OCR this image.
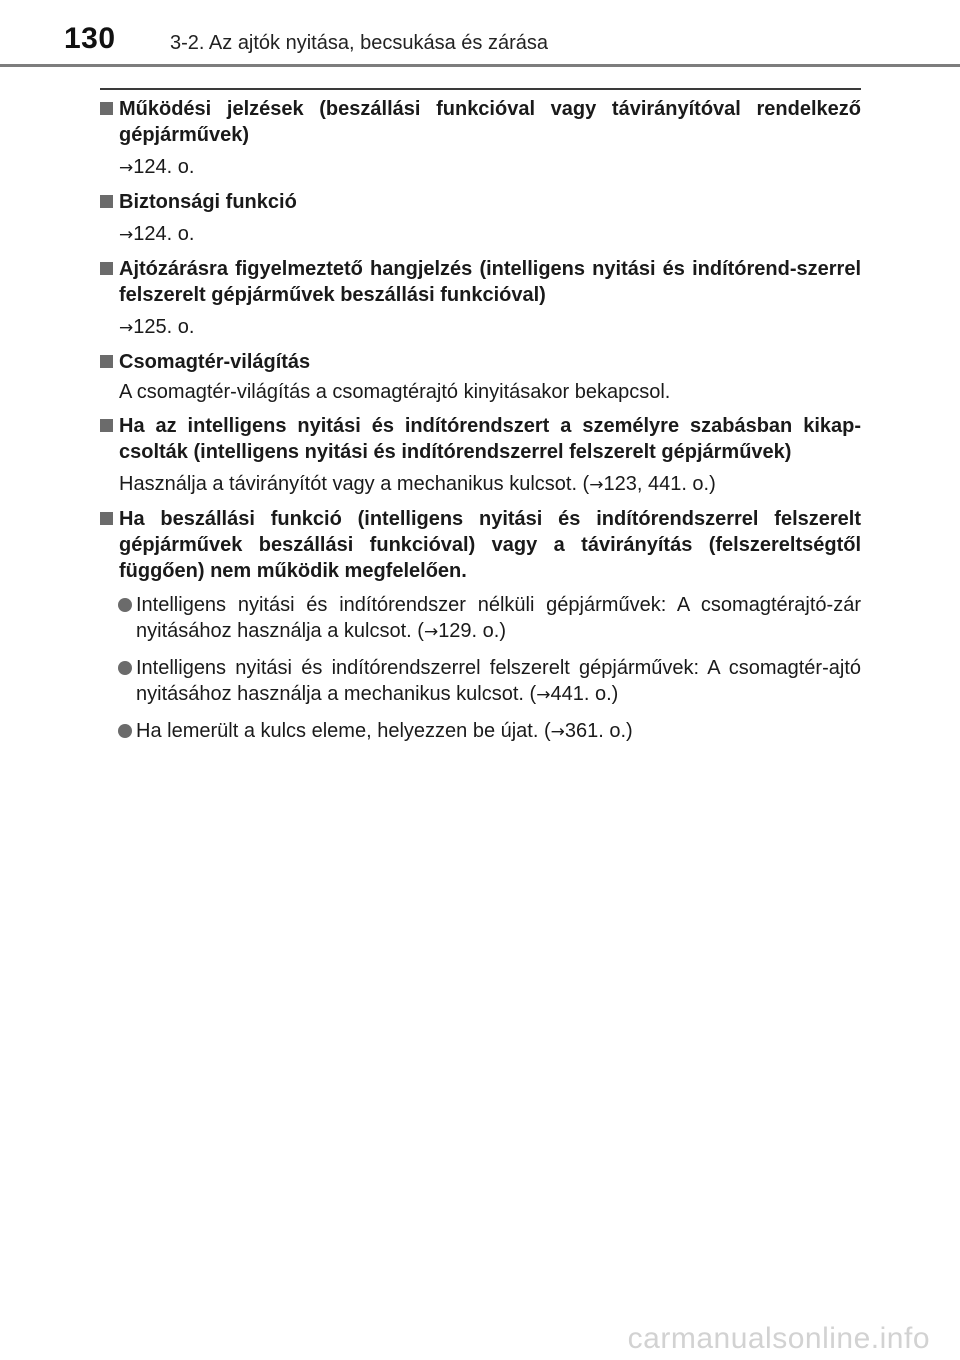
130	3-2. Az ajtók nyitása, becsukása és zárása
Működési jelzések (beszállási funkcióval vagy távirányítóval rendelkező gépjárművek)
→124. o.
Biztonsági funkció
→124. o.
Ajtózárásra figyelmeztető hangjelzés (intelligens nyitási és indítórend-szerrel felszerelt gépjárművek beszállási funkcióval)
→125. o.
Csomagtér-világítás
A csomagtér-világítás a csomagtérajtó kinyitásakor bekapcsol.
Ha az intelligens nyitási és indítórendszert a személyre szabásban kikap-csolták (intelligens nyitási és indítórendszerrel felszerelt gépjárművek)
Használja a távirányítót vagy a mechanikus kulcsot. (→123, 441. o.)
Ha beszállási funkció (intelligens nyitási és indítórendszerrel felszerelt gépjárművek beszállási funkcióval) vagy a távirányítás (felszereltségtől függően) nem működik megfelelően.
Intelligens nyitási és indítórendszer nélküli gépjárművek: A csomagtérajtó-zár nyitásához használja a kulcsot. (→129. o.)
Intelligens nyitási és indítórendszerrel felszerelt gépjárművek: A csomagtér-ajtó nyitásához használja a mechanikus kulcsot. (→441. o.)
Ha lemerült a kulcs eleme, helyezzen be újat. (→361. o.)
carmanualsonline.info
